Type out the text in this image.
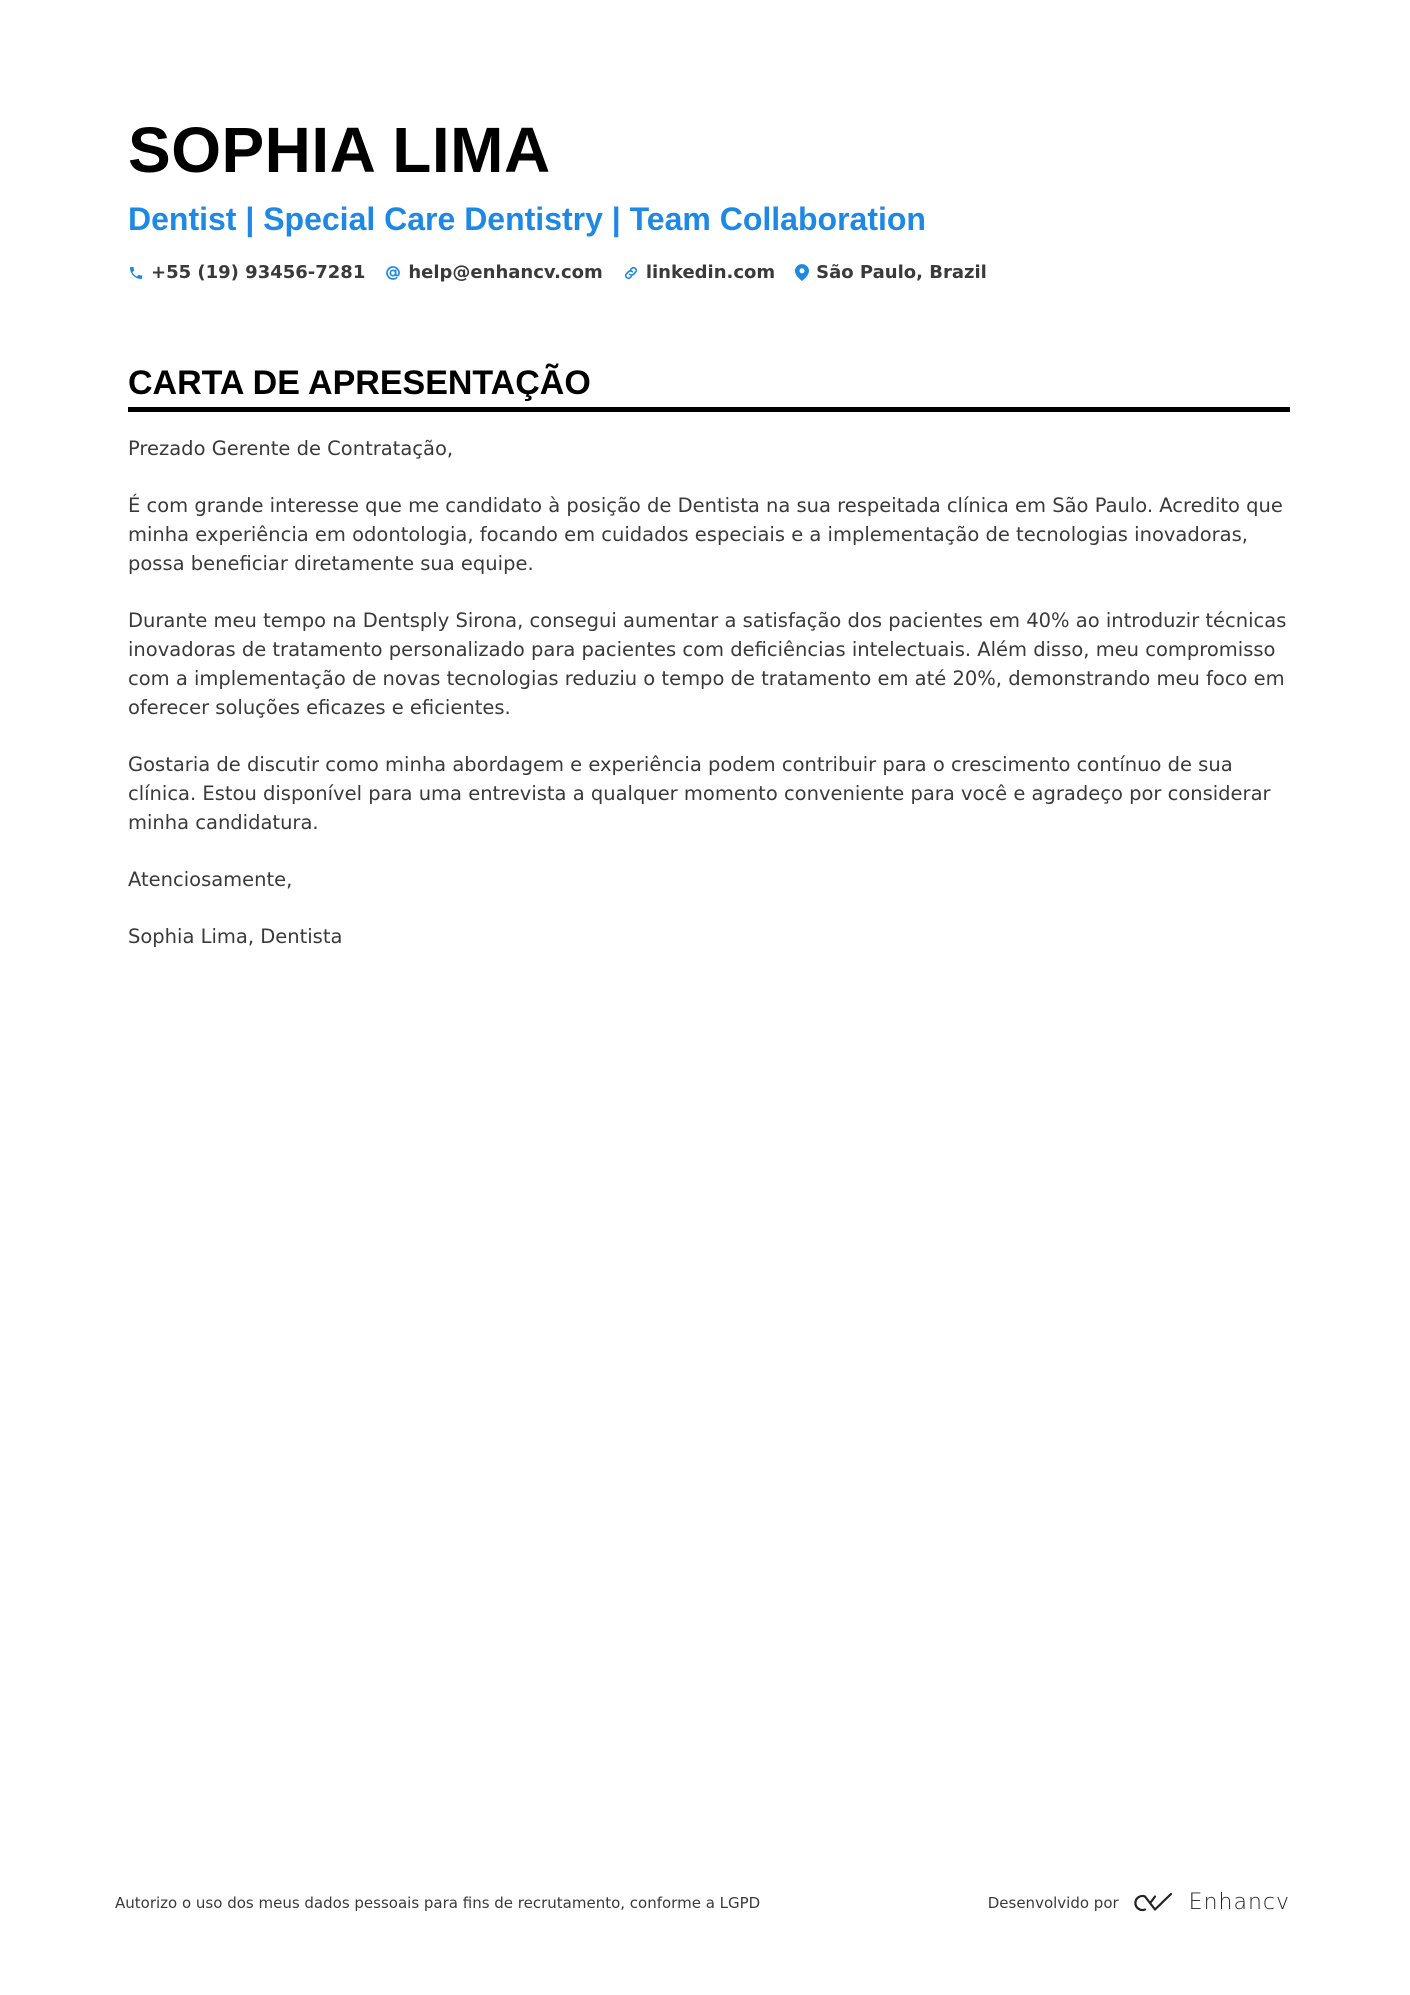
SOPHIA LIMA
Dentist | Special Care Dentistry | Team Collaboration
+55 (19) 93456-7281 help@enhancv.com linkedin.com São Paulo, Brazil
CARTA DE APRESENTAÇÃO

Prezado Gerente de Contratação,

É com grande interesse que me candidato à posição de Dentista na sua respeitada clínica em São Paulo. Acredito que minha experiência em odontologia, focando em cuidados especiais e a implementação de tecnologias inovadoras, possa beneficiar diretamente sua equipe.

Durante meu tempo na Dentsply Sirona, consegui aumentar a satisfação dos pacientes em 40% ao introduzir técnicas inovadoras de tratamento personalizado para pacientes com deficiências intelectuais. Além disso, meu compromisso com a implementação de novas tecnologias reduziu o tempo de tratamento em até 20%, demonstrando meu foco em oferecer soluções eficazes e eficientes.

Gostaria de discutir como minha abordagem e experiência podem contribuir para o crescimento contínuo de sua clínica. Estou disponível para uma entrevista a qualquer momento conveniente para você e agradeço por considerar minha candidatura.

Atenciosamente,

Sophia Lima, Dentista

Autorizo o uso dos meus dados pessoais para fins de recrutamento, conforme a LGPD	Desenvolvido por	Enhancv
